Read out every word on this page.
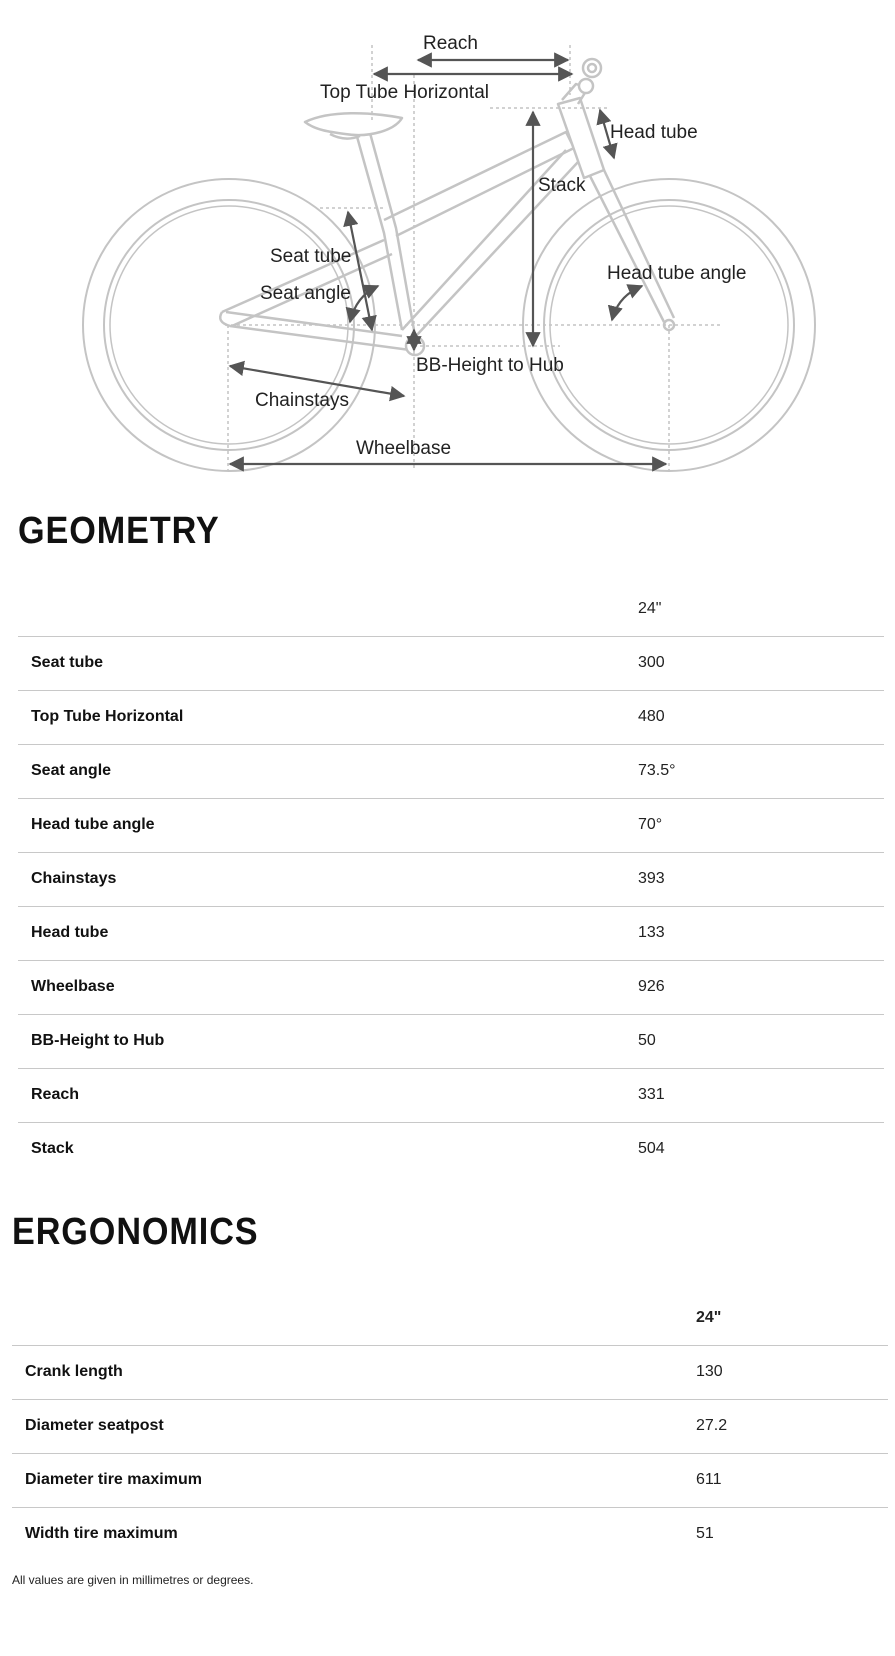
Reach
Top Tube Horizontal
Head tube
Stack
Seat tube
Seat angle
Head tube angle
BB-Height to Hub
Chainstays
Wheelbase
GEOMETRY
	24"
Seat tube	300
Top Tube Horizontal	480
Seat angle	73.5°
Head tube angle	70°
Chainstays	393
Head tube	133
Wheelbase	926
BB-Height to Hub	50
Reach	331
Stack	504
ERGONOMICS
	24"
Crank length	130
Diameter seatpost	27.2
Diameter tire maximum	611
Width tire maximum	51

All values are given in millimetres or degrees.
